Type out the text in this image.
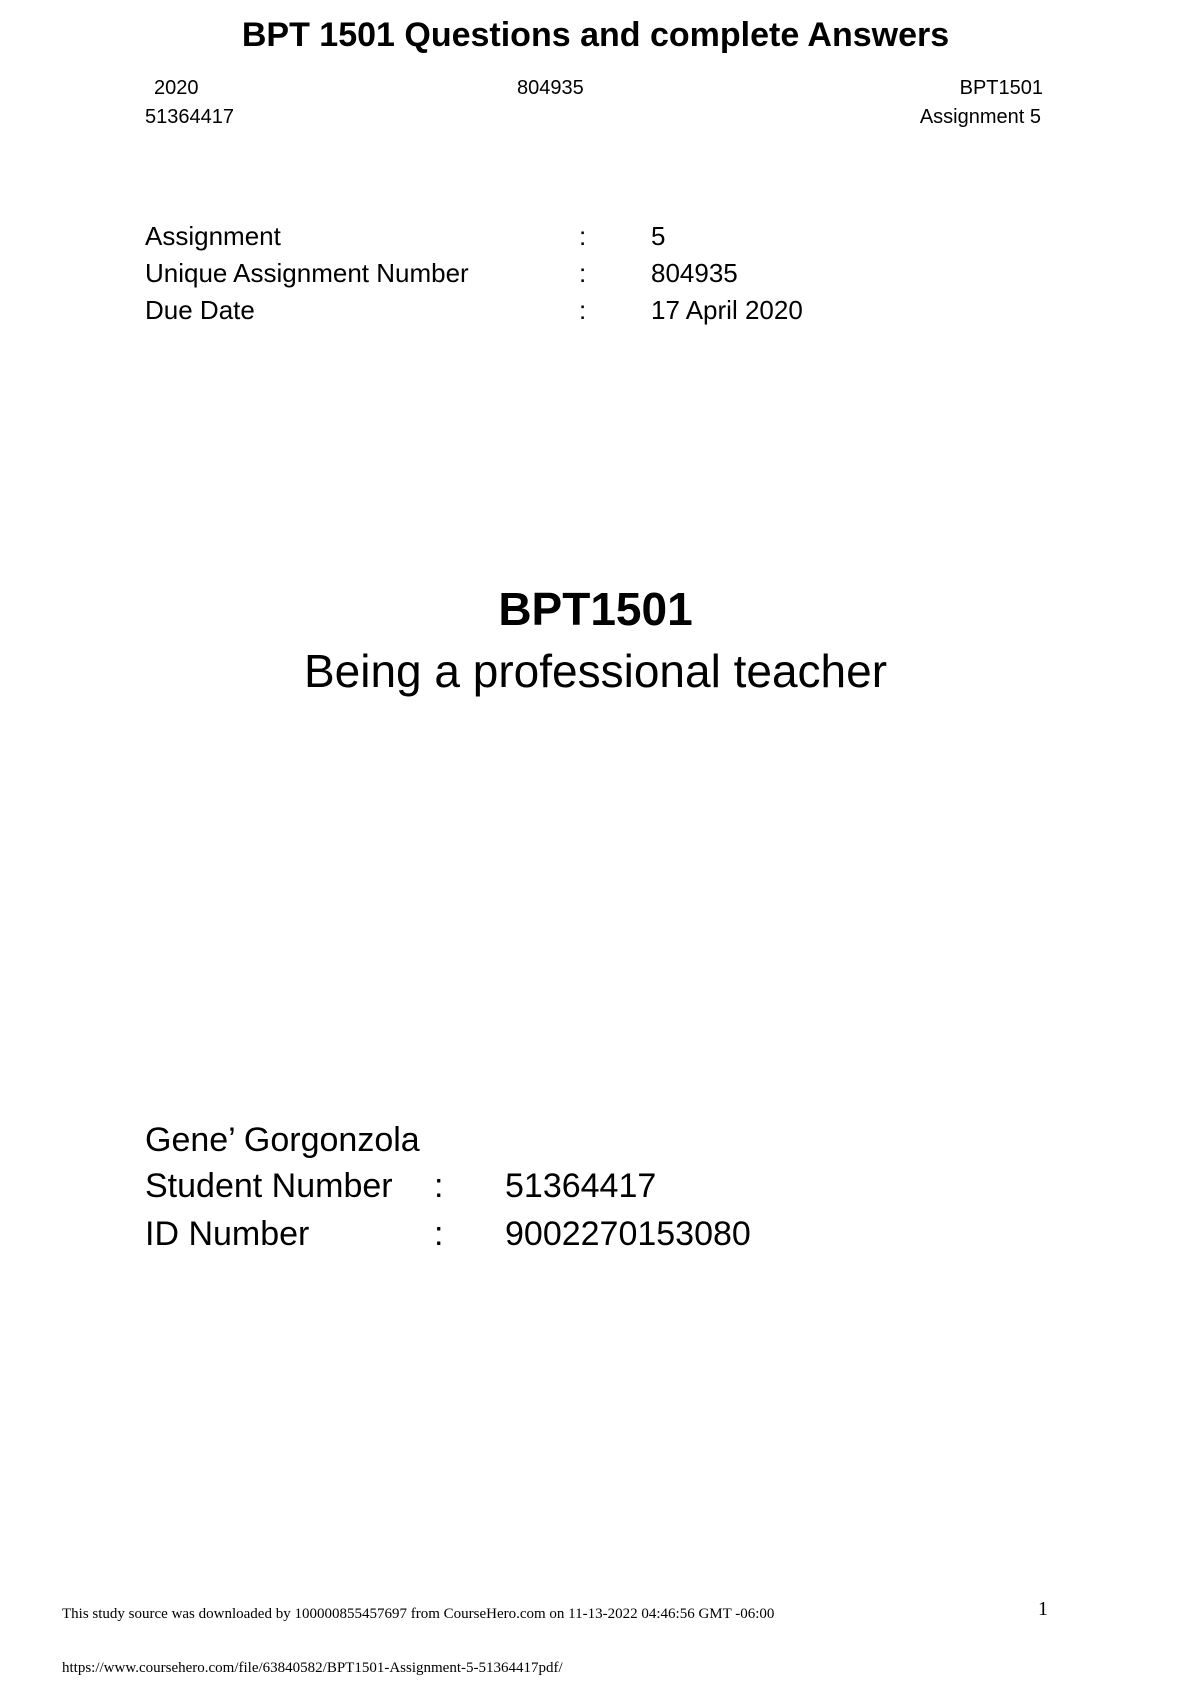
BPT 1501 Questions and complete Answers
2020	804935	BPT1501
51364417	Assignment 5
Assignment	: 5
Unique Assignment Number	: 804935
Due Date	: 17 April 2020
BPT1501
Being a professional teacher
Gene’ Gorgonzola
Student Number : 51364417
ID Number	: 9002270153080
This study source was downloaded by 100000855457697 from CourseHero.com on 11-13-2022 04:46:56 GMT -06:00	1
https://www.coursehero.com/file/63840582/BPT1501-Assignment-5-51364417pdf/
